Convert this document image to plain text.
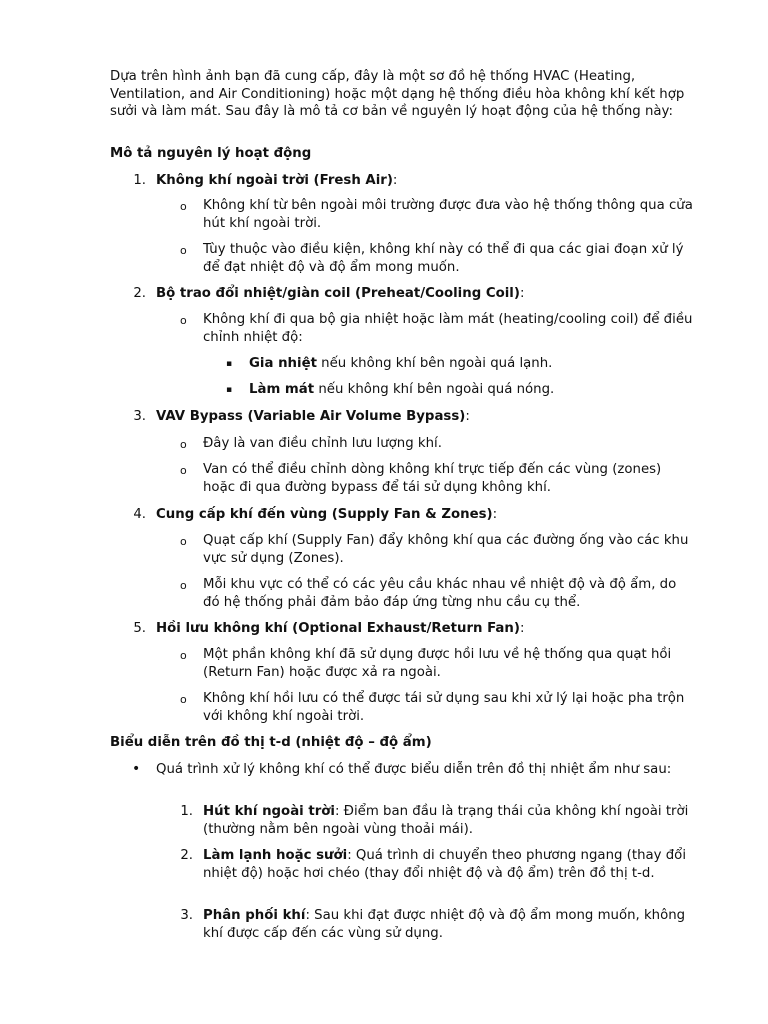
Dựa trên hình ảnh bạn đã cung cấp, đây là một sơ đồ hệ thống HVAC (Heating, Ventilation, and Air Conditioning) hoặc một dạng hệ thống điều hòa không khí kết hợp sưởi và làm mát. Sau đây là mô tả cơ bản về nguyên lý hoạt động của hệ thống này:

Mô tả nguyên lý hoạt động

1. Không khí ngoài trời (Fresh Air):

o Không khí từ bên ngoài môi trường được đưa vào hệ thống thông qua cửa hút khí ngoài trời.

o Tùy thuộc vào điều kiện, không khí này có thể đi qua các giai đoạn xử lý để đạt nhiệt độ và độ ẩm mong muốn.

2. Bộ trao đổi nhiệt/giàn coil (Preheat/Cooling Coil):

o Không khí đi qua bộ gia nhiệt hoặc làm mát (heating/cooling coil) để điều chỉnh nhiệt độ:

▪ Gia nhiệt nếu không khí bên ngoài quá lạnh.

▪ Làm mát nếu không khí bên ngoài quá nóng.

3. VAV Bypass (Variable Air Volume Bypass):

o Đây là van điều chỉnh lưu lượng khí.

o Van có thể điều chỉnh dòng không khí trực tiếp đến các vùng (zones) hoặc đi qua đường bypass để tái sử dụng không khí.

4. Cung cấp khí đến vùng (Supply Fan & Zones):

o Quạt cấp khí (Supply Fan) đẩy không khí qua các đường ống vào các khu vực sử dụng (Zones).

o Mỗi khu vực có thể có các yêu cầu khác nhau về nhiệt độ và độ ẩm, do đó hệ thống phải đảm bảo đáp ứng từng nhu cầu cụ thể.

5. Hồi lưu không khí (Optional Exhaust/Return Fan):

o Một phần không khí đã sử dụng được hồi lưu về hệ thống qua quạt hồi (Return Fan) hoặc được xả ra ngoài.

o Không khí hồi lưu có thể được tái sử dụng sau khi xử lý lại hoặc pha trộn với không khí ngoài trời.

Biểu diễn trên đồ thị t-d (nhiệt độ – độ ẩm)

• Quá trình xử lý không khí có thể được biểu diễn trên đồ thị nhiệt ẩm như sau:

1. Hút khí ngoài trời: Điểm ban đầu là trạng thái của không khí ngoài trời (thường nằm bên ngoài vùng thoải mái).

2. Làm lạnh hoặc sưởi: Quá trình di chuyển theo phương ngang (thay đổi nhiệt độ) hoặc hơi chéo (thay đổi nhiệt độ và độ ẩm) trên đồ thị t-d.

3. Phân phối khí: Sau khi đạt được nhiệt độ và độ ẩm mong muốn, không khí được cấp đến các vùng sử dụng.
